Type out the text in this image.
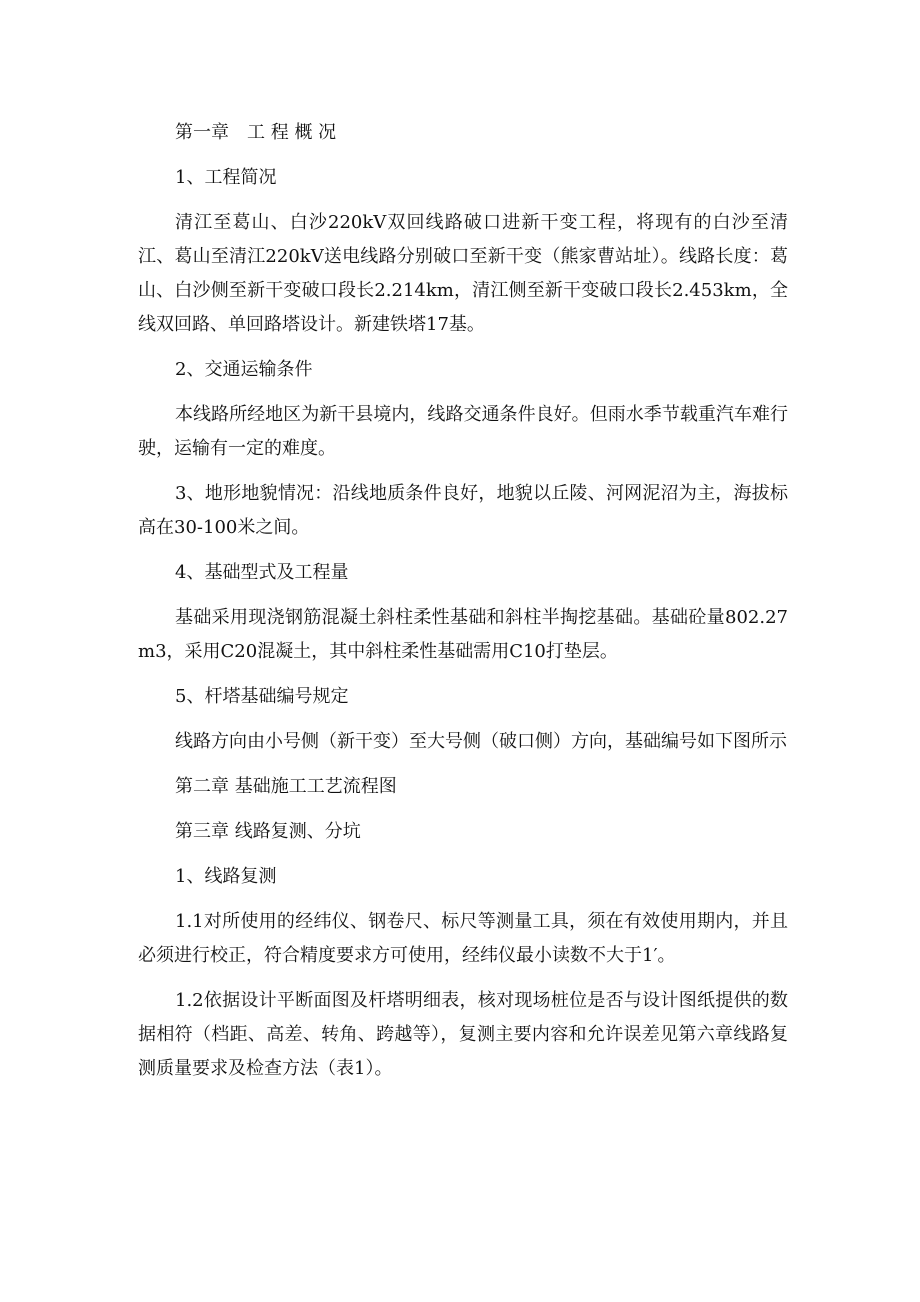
第一章　工 程 概 况

1、工程简况

清江至葛山、白沙220kV双回线路破口进新干变工程，将现有的白沙至清江、葛山至清江220kV送电线路分别破口至新干变（熊家曹站址）。线路长度：葛山、白沙侧至新干变破口段长2.214km，清江侧至新干变破口段长2.453km，全线双回路、单回路塔设计。新建铁塔17基。

2、交通运输条件

本线路所经地区为新干县境内，线路交通条件良好。但雨水季节载重汽车难行驶，运输有一定的难度。

3、地形地貌情况：沿线地质条件良好，地貌以丘陵、河网泥沼为主，海拔标高在30-100米之间。

4、基础型式及工程量

基础采用现浇钢筋混凝土斜柱柔性基础和斜柱半掏挖基础。基础砼量802.27 m3，采用C20混凝土，其中斜柱柔性基础需用C10打垫层。

5、杆塔基础编号规定

线路方向由小号侧（新干变）至大号侧（破口侧）方向，基础编号如下图所示

第二章 基础施工工艺流程图

第三章 线路复测、分坑

1、线路复测

1.1对所使用的经纬仪、钢卷尺、标尺等测量工具，须在有效使用期内，并且必须进行校正，符合精度要求方可使用，经纬仪最小读数不大于1′。

1.2依据设计平断面图及杆塔明细表，核对现场桩位是否与设计图纸提供的数据相符（档距、高差、转角、跨越等），复测主要内容和允许误差见第六章线路复测质量要求及检查方法（表1）。
